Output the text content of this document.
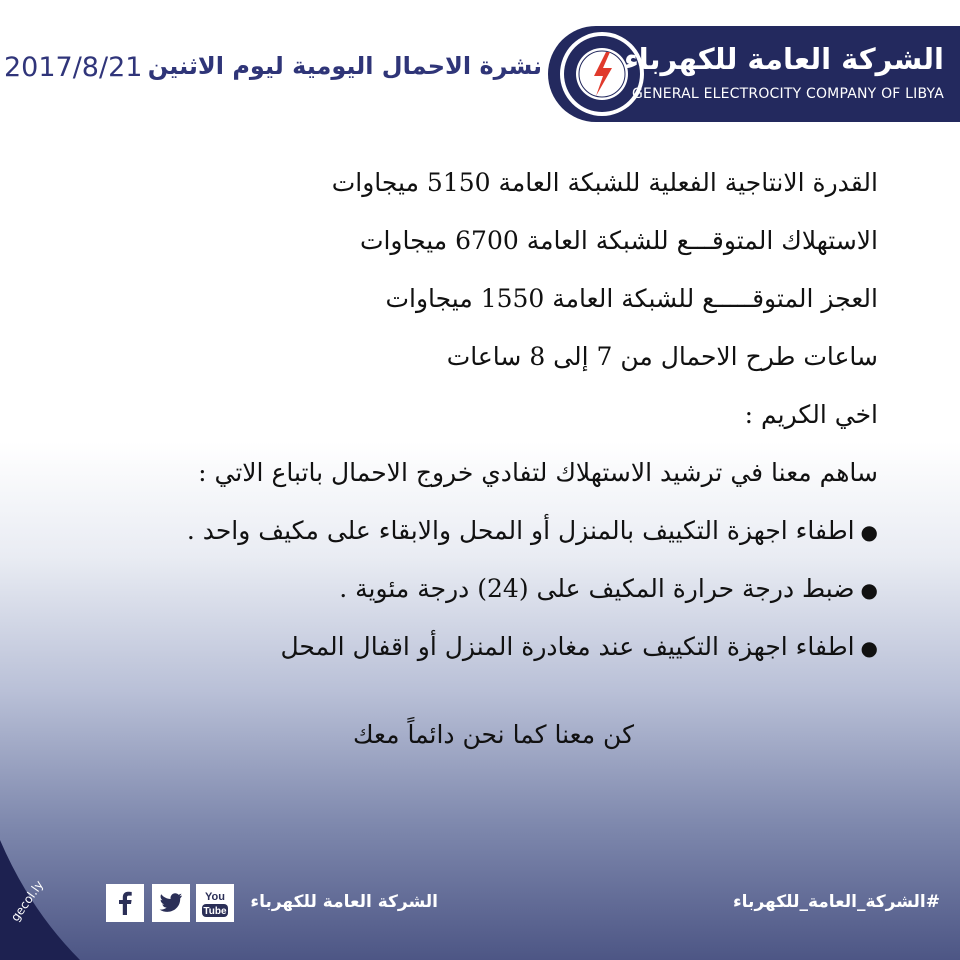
الشركة العامة للكهرباء
GENERAL ELECTROCITY COMPANY OF LIBYA
نشرة الاحمال اليومية ليوم الاثنين
2017/8/21
القدرة الانتاجية الفعلية للشبكة العامة 5150 ميجاوات
الاستهلاك المتوقـــع للشبكة العامة 6700 ميجاوات
العجز المتوقـــــع للشبكة العامة 1550 ميجاوات
ساعات طرح الاحمال من 7 إلى 8 ساعات
اخي الكريم :
ساهم معنا في ترشيد الاستهلاك لتفادي خروج الاحمال باتباع الاتي :
●اطفاء اجهزة التكييف بالمنزل أو المحل والابقاء على مكيف واحد .
●ضبط درجة حرارة المكيف على (24) درجة مئوية .
●اطفاء اجهزة التكييف عند مغادرة المنزل أو اقفال المحل
كن معنا كما نحن دائماً معك
gecol.ly	You
Tube الشركة العامة للكهرباء	#الشركة_العامة_للكهرباء
